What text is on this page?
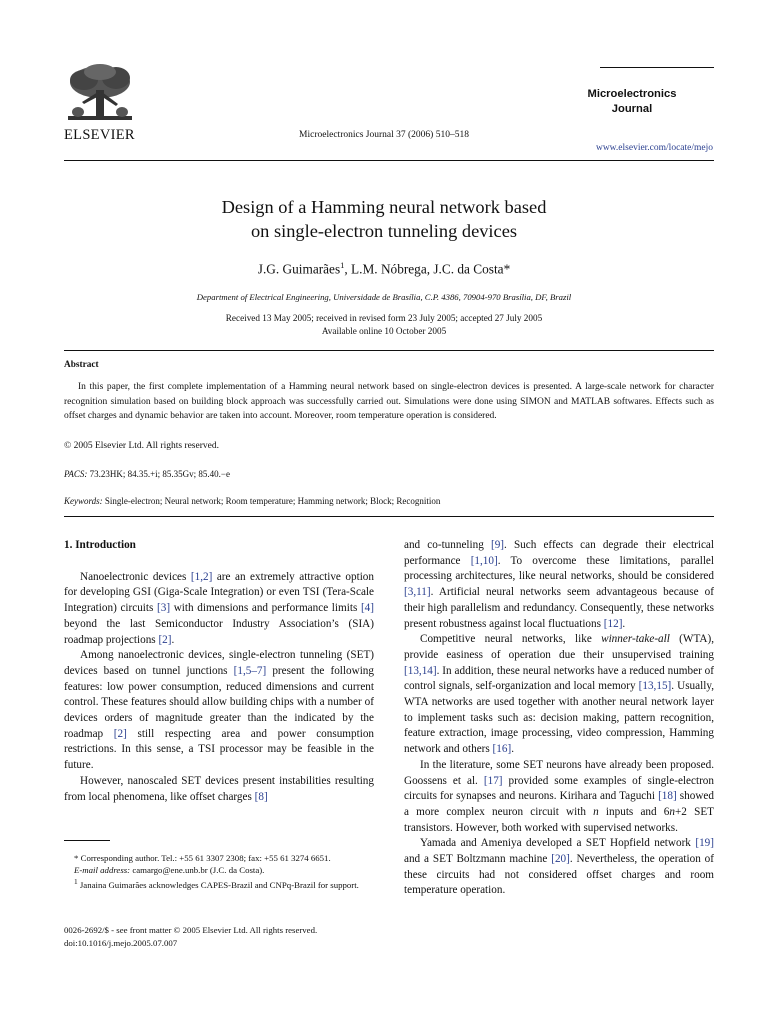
ELSEVIER	Microelectronics Journal 37 (2006) 510–518
Microelectronics
Journal
www.elsevier.com/locate/mejo
Design of a Hamming neural network based
on single-electron tunneling devices
J.G. Guimarães$^1$, L.M. Nóbrega, J.C. da Costa*
Department of Electrical Engineering, Universidade de Brasília, C.P. 4386, 70904-970 Brasília, DF, Brazil
Received 13 May 2005; received in revised form 23 July 2005; accepted 27 July 2005
Available online 10 October 2005
Abstract

In this paper, the first complete implementation of a Hamming neural network based on single-electron devices is presented. A large-scale network for character recognition simulation based on building block approach was successfully carried out. Simulations were done using SIMON and MATLAB softwares. Effects such as offset charges and dynamic behavior are taken into account. Moreover, room temperature operation is considered.

© 2005 Elsevier Ltd. All rights reserved.
PACS: 73.23HK; 84.35.+i; 85.35Gv; 85.40.−e
Keywords: Single-electron; Neural network; Room temperature; Hamming network; Block; Recognition
1. Introduction

Nanoelectronic devices [1,2] are an extremely attractive option for developing GSI (Giga-Scale Integration) or even TSI (Tera-Scale Integration) circuits [3] with dimensions and performance limits [4] beyond the last Semiconductor Industry Association’s (SIA) roadmap projections [2].

Among nanoelectronic devices, single-electron tunneling (SET) devices based on tunnel junctions [1,5–7] present the following features: low power consumption, reduced dimensions and current control. These features should allow building chips with a number of devices orders of magnitude greater than the indicated by the roadmap [2] still respecting area and power consumption restrictions. In this sense, a TSI processor may be feasible in the future.

However, nanoscaled SET devices present instabilities resulting from local phenomena, like offset charges [8]

* Corresponding author. Tel.: +55 61 3307 2308; fax: +55 61 3274 6651.

E-mail address: camargo@ene.unb.br (J.C. da Costa).

$^1$ Janaina Guimarães acknowledges CAPES-Brazil and CNPq-Brazil for support.

0026-2692/$ - see front matter © 2005 Elsevier Ltd. All rights reserved.
doi:10.1016/j.mejo.2005.07.007

and co-tunneling [9]. Such effects can degrade their electrical performance [1,10]. To overcome these limitations, parallel processing architectures, like neural networks, should be considered [3,11]. Artificial neural networks seem advantageous because of their high parallelism and redundancy. Consequently, these networks present robustness against local fluctuations [12].

Competitive neural networks, like winner-take-all (WTA), provide easiness of operation due their unsupervised training [13,14]. In addition, these neural networks have a reduced number of control signals, self-organization and local memory [13,15]. Usually, WTA networks are used together with another neural network layer to implement tasks such as: decision making, pattern recognition, feature extraction, image processing, video compression, Hamming network and others [16].

In the literature, some SET neurons have already been proposed. Goossens et al. [17] provided some examples of single-electron circuits for synapses and neurons. Kirihara and Taguchi [18] showed a more complex neuron circuit with n inputs and 6n+2 SET transistors. However, both worked with supervised networks.

Yamada and Ameniya developed a SET Hopfield network [19] and a SET Boltzmann machine [20]. Nevertheless, the operation of these circuits had not considered offset charges and room temperature operation.
